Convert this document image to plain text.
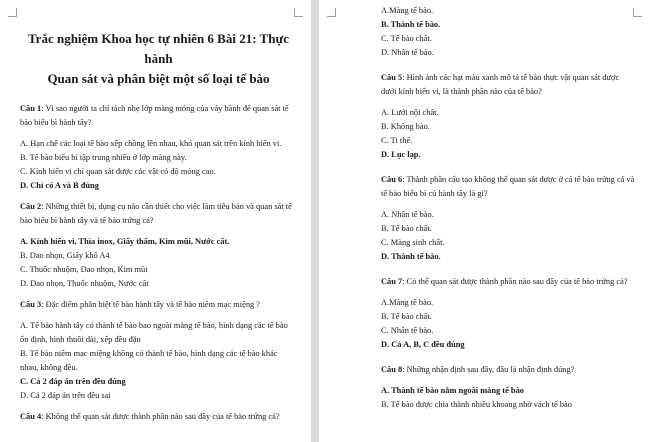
Trắc nghiệm Khoa học tự nhiên 6 Bài 21: Thực hành
Quan sát và phân biệt một số loại tế bào

Câu 1: Vì sao người ta chỉ tách nhẹ lớp màng mỏng của vảy hành để quan sát tế bào biểu bì hành tây?

A. Hạn chế các loại tế bào xếp chồng lên nhau, khó quan sát trên kính hiển vi.

B. Tế bào biểu bì tập trung nhiều ở lớp màng này.

C. Kính hiển vi chỉ quan sát được các vật có độ mỏng cao.

D. Chỉ có A và B đúng

Câu 2: Những thiết bị, dụng cụ nào cần thiết cho việc làm tiêu bản và quan sát tế bào biểu bì hành tây và tế bào trứng cá?

A. Kính hiển vi, Thìa inox, Giấy thấm, Kim mũi, Nước cất.

B. Dao nhọn, Giấy khổ A4

C. Thuốc nhuộm, Dao nhọn, Kim mũi

D. Dao nhọn, Thuốc nhuộm, Nước cất

Câu 3: Đặc điểm phân biệt tế bào hành tây và tế bào niêm mạc miệng ?

A. Tế bào hành tây có thành tế bào bao ngoài màng tế bào, hình dạng các tế bào ổn định, hình thuôi dài, xếp đều đặn

B. Tế bào niêm mạc miệng không có thành tế bào, hình dạng các tế bào khác nhau, không đều.

C. Cả 2 đáp án trên đều đúng

D. Cả 2 đáp án trên đều sai

Câu 4: Không thể quan sát được thành phần nào sau đây của tế bào trứng cá?

A.Màng tế bào.

B. Thành tế bào.

C. Tế bào chất.

D. Nhân tế bào.

Câu 5: Hình ảnh các hạt màu xanh mô tả tế bào thực vật quan sát được dưới kính hiển vi, là thành phần nào của tế bào?

A. Lưới nội chất.

B. Không bào.

C. Ti thể.

D. Lục lạp.

Câu 6: Thành phần cấu tạo không thể quan sát được ở cả tế bào trứng cá và tế bào biểu bì củ hành tây là gì?

A. Nhân tế bào.

B. Tế bào chất.

C. Màng sinh chất.

D. Thành tế bào.

Câu 7: Có thể quan sát được thành phần nào sau đây của tế bào trứng cá?

A.Màng tế bào.

B. Tế bào chất.

C. Nhân tế bào.

D. Cả A, B, C đều đúng

Câu 8: Những nhận định sau đây, đâu là nhận định đúng?

A. Thành tế bào nằm ngoài màng tế bào

B. Tế bào được chia thành nhiều khoang nhờ vách tế bào
